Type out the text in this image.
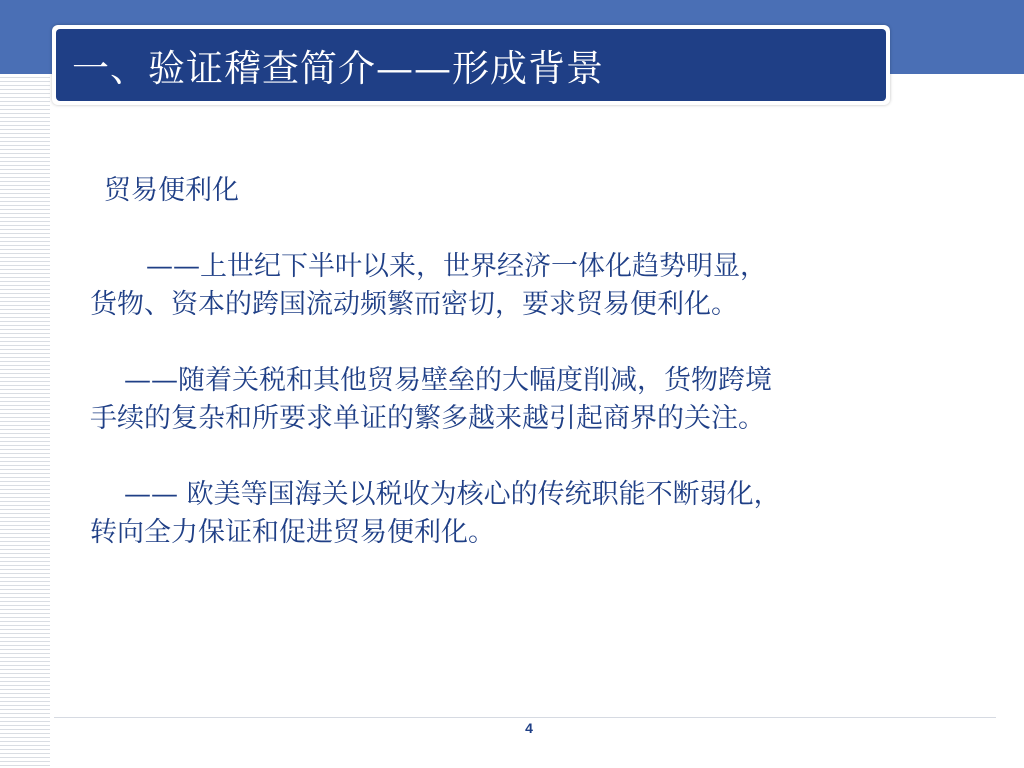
一、验证稽查简介——形成背景
贸易便利化
——上世纪下半叶以来，世界经济一体化趋势明显，
货物、资本的跨国流动频繁而密切，要求贸易便利化。
——随着关税和其他贸易壁垒的大幅度削减，货物跨境
手续的复杂和所要求单证的繁多越来越引起商界的关注。
—— 欧美等国海关以税收为核心的传统职能不断弱化，
转向全力保证和促进贸易便利化。
4
